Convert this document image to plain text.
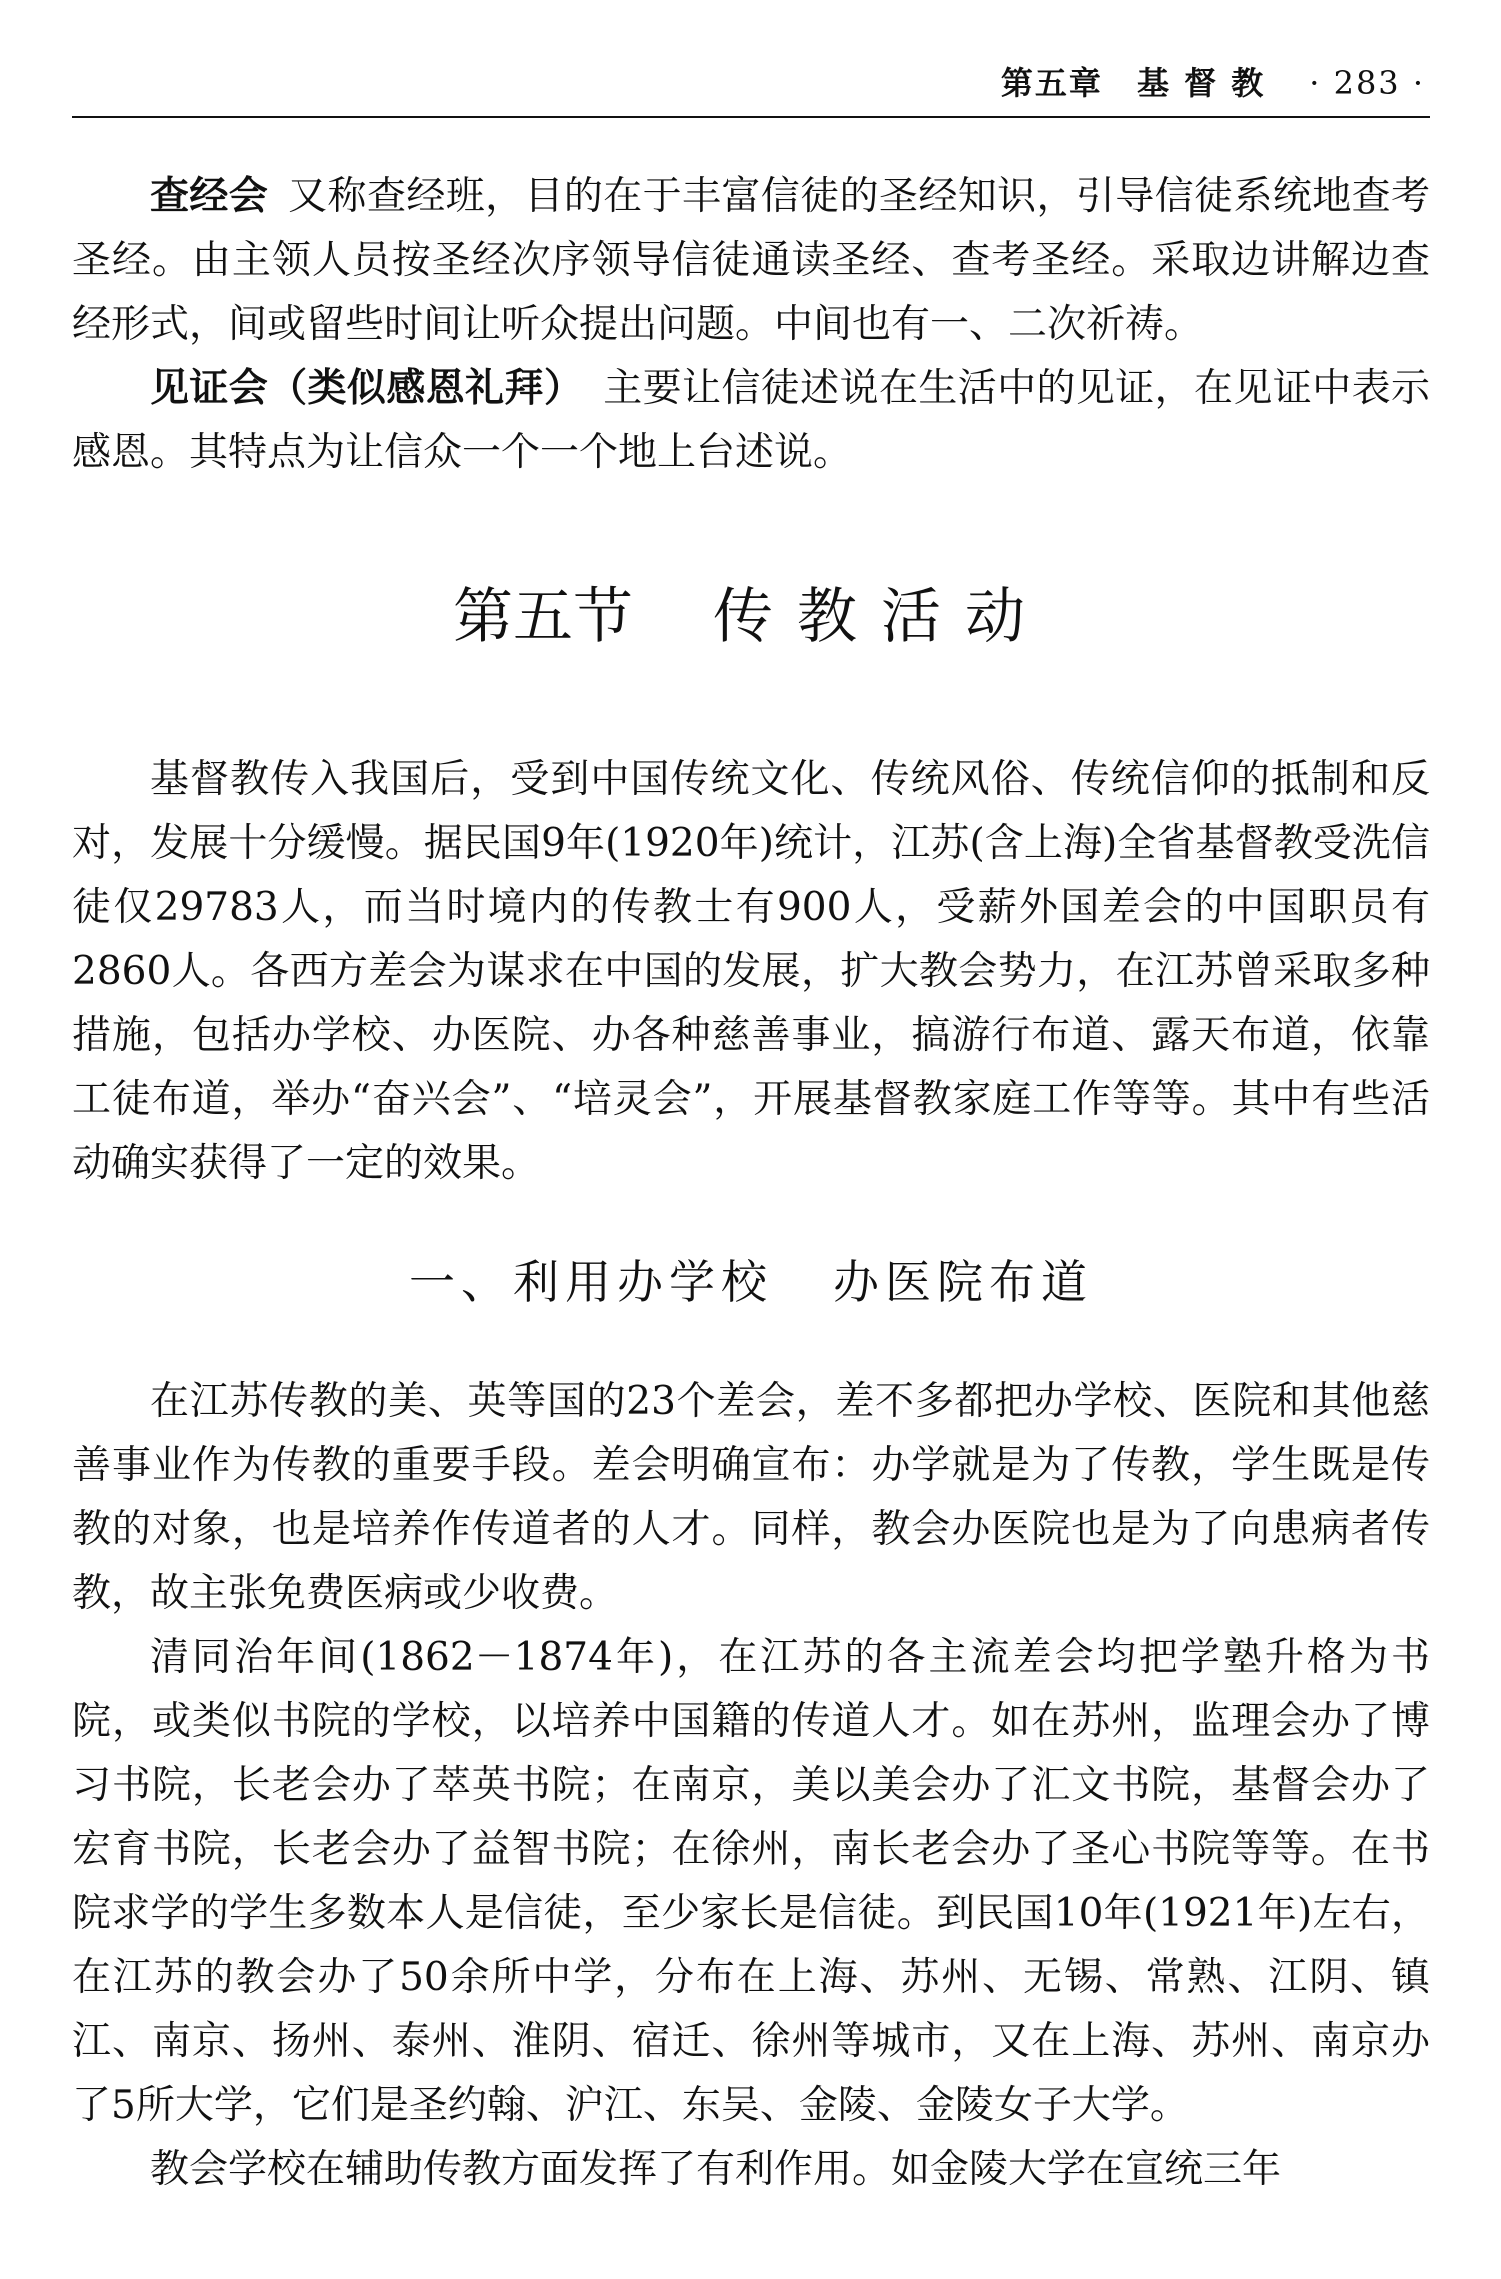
第五章 基 督 教 · 283 ·

查经会 又称查经班，目的在于丰富信徒的圣经知识，引导信徒系统地查考圣经。由主领人员按圣经次序领导信徒通读圣经、查考圣经。采取边讲解边查经形式，间或留些时间让听众提出问题。中间也有一、二次祈祷。

见证会（类似感恩礼拜） 主要让信徒述说在生活中的见证，在见证中表示感恩。其特点为让信众一个一个地上台述说。

第五节 传教活动

基督教传入我国后，受到中国传统文化、传统风俗、传统信仰的抵制和反对，发展十分缓慢。据民国9年(1920年)统计，江苏(含上海)全省基督教受洗信徒仅29783人，而当时境内的传教士有900人，受薪外国差会的中国职员有2860人。各西方差会为谋求在中国的发展，扩大教会势力，在江苏曾采取多种措施，包括办学校、办医院、办各种慈善事业，搞游行布道、露天布道，依靠工徒布道，举办“奋兴会”、“培灵会”，开展基督教家庭工作等等。其中有些活动确实获得了一定的效果。

一、利用办学校 办医院布道

在江苏传教的美、英等国的23个差会，差不多都把办学校、医院和其他慈善事业作为传教的重要手段。差会明确宣布：办学就是为了传教，学生既是传教的对象，也是培养作传道者的人才。同样，教会办医院也是为了向患病者传教，故主张免费医病或少收费。

清同治年间(1862－1874年)，在江苏的各主流差会均把学塾升格为书院，或类似书院的学校，以培养中国籍的传道人才。如在苏州，监理会办了博习书院，长老会办了萃英书院；在南京，美以美会办了汇文书院，基督会办了宏育书院，长老会办了益智书院；在徐州，南长老会办了圣心书院等等。在书院求学的学生多数本人是信徒，至少家长是信徒。到民国10年(1921年)左右，在江苏的教会办了50余所中学，分布在上海、苏州、无锡、常熟、江阴、镇江、南京、扬州、泰州、淮阴、宿迁、徐州等城市，又在上海、苏州、南京办了5所大学，它们是圣约翰、沪江、东吴、金陵、金陵女子大学。

教会学校在辅助传教方面发挥了有利作用。如金陵大学在宣统三年
